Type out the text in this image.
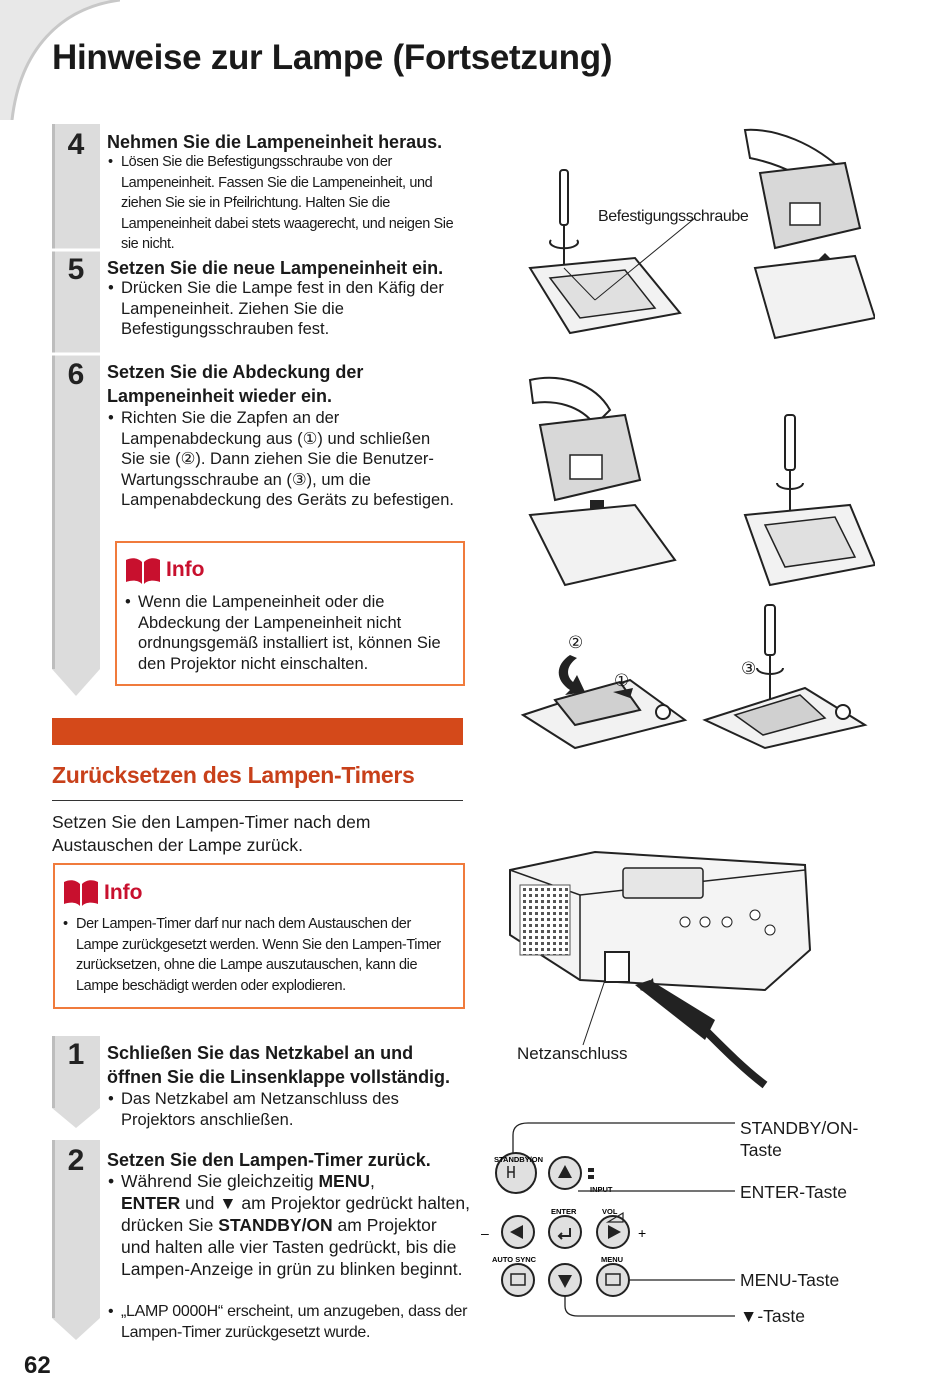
Hinweise zur Lampe (Fortsetzung)
4	Nehmen Sie die Lampeneinheit heraus.
• Lösen Sie die Befestigungsschraube von der Lampeneinheit. Fassen Sie die Lampeneinheit, und ziehen Sie sie in Pfeilrichtung. Halten Sie die Lampeneinheit dabei stets waagerecht, und neigen Sie sie nicht.
5	Setzen Sie die neue Lampeneinheit ein.
• Drücken Sie die Lampe fest in den Käfig der Lampeneinheit. Ziehen Sie die Befestigungsschrauben fest.
6	Setzen Sie die Abdeckung der Lampeneinheit wieder ein.
• Richten Sie die Zapfen an der Lampenabdeckung aus (①) und schließen Sie sie (②). Dann ziehen Sie die Benutzer-Wartungsschraube an (③), um die Lampenabdeckung des Geräts zu befestigen.
Info
• Wenn die Lampeneinheit oder die Abdeckung der Lampeneinheit nicht ordnungsgemäß installiert ist, können Sie den Projektor nicht einschalten.
Zurücksetzen des Lampen-Timers
Setzen Sie den Lampen-Timer nach dem Austauschen der Lampe zurück.
Info
• Der Lampen-Timer darf nur nach dem Austauschen der Lampe zurückgesetzt werden. Wenn Sie den Lampen-Timer zurücksetzen, ohne die Lampe auszutauschen, kann die Lampe beschädigt werden oder explodieren.
1	Schließen Sie das Netzkabel an und öffnen Sie die Linsenklappe vollständig.
• Das Netzkabel am Netzanschluss des Projektors anschließen.
2	Setzen Sie den Lampen-Timer zurück.
• Während Sie gleichzeitig MENU,
ENTER und ▼ am Projektor gedrückt halten, drücken Sie STANDBY/ON am Projektor und halten alle vier Tasten gedrückt, bis die Lampen-Anzeige in grün zu blinken beginnt.
• „LAMP 0000H“ erscheint, um anzugeben, dass der Lampen-Timer zurückgesetzt wurde.
62
Befestigungsschraube
②
①
③
Netzanschluss
STANDBY/ON
INPUT
ENTER	VOL
AUTO SYNC	MENU
–	+
STANDBY/ON-
Taste
ENTER-Taste
MENU-Taste
▼-Taste
